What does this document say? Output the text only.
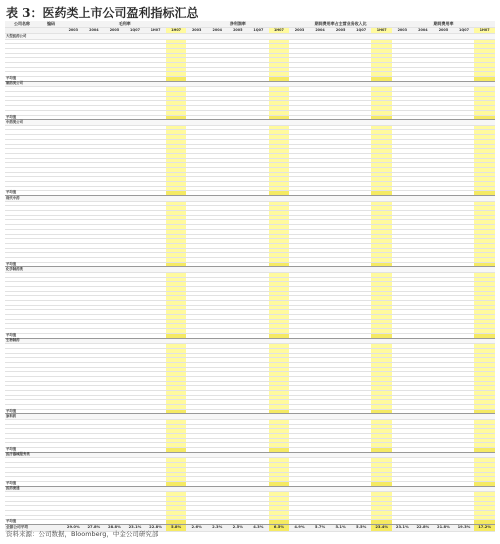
表 3：医药类上市公司盈利指标汇总
公司名称	编码	毛利率						净利润率					期间费用率占主营业务收入比					期间费用率				
		2003	2004	2005	1Q07	1H07	1H07	2003	2004	2005	1Q07	1H07	2003	2004	2005	1Q07	1H07	2003	2004	2005	1Q07	1H07
大型医药公司																						

平均值																						
制药类公司																						

平均值																						
中药类公司																						

平均值																						
现代中药																						

平均值																						
化学制药类																						

平均值																						
生物制药																						

平均值																						
原料药																						

平均值																						
医疗器械服务类																						

平均值																						
医药流通																						

平均值																						
全部公司平均		29.0%	27.8%	28.8%	23.1%	22.8%	5.8%	2.6%	2.3%	2.5%	4.3%	6.5%	4.9%	5.7%	5.1%	5.5%	23.4%	23.1%	22.8%	21.8%	19.3%	17.2%
资料来源：公司数据，Bloomberg，中金公司研究部
